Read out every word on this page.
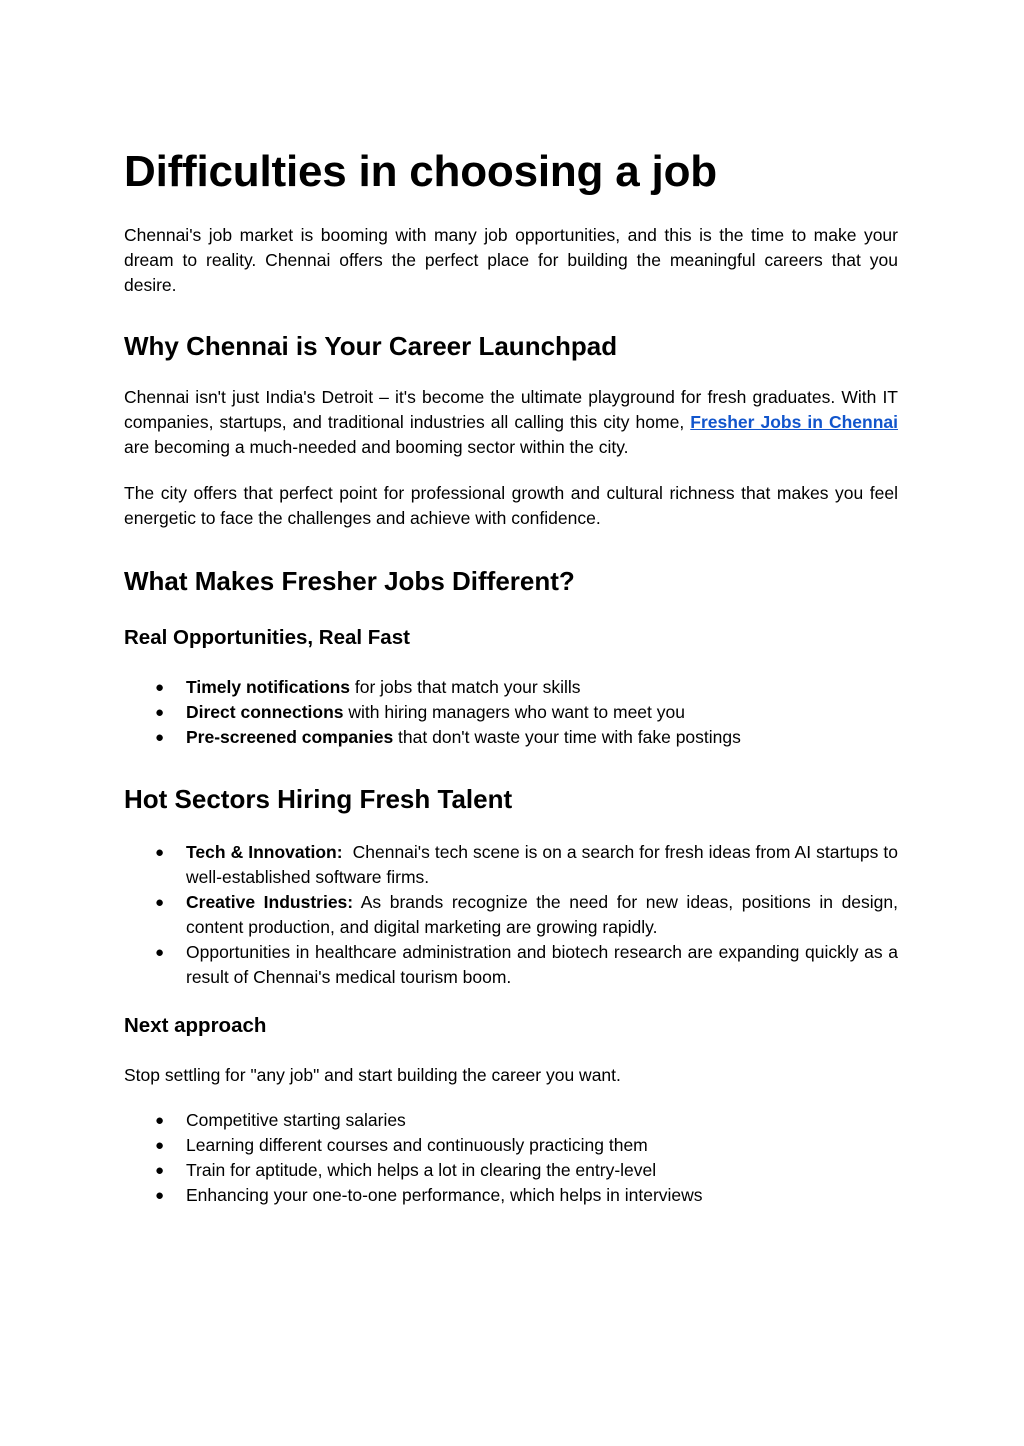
Difficulties in choosing a job

Chennai's job market is booming with many job opportunities, and this is the time to make your dream to reality. Chennai offers the perfect place for building the meaningful careers that you desire.

Why Chennai is Your Career Launchpad

Chennai isn't just India's Detroit – it's become the ultimate playground for fresh graduates. With IT companies, startups, and traditional industries all calling this city home, Fresher Jobs in Chennai are becoming a much-needed and booming sector within the city.

The city offers that perfect point for professional growth and cultural richness that makes you feel energetic to face the challenges and achieve with confidence.

What Makes Fresher Jobs Different?
Real Opportunities, Real Fast
● Timely notifications for jobs that match your skills
● Direct connections with hiring managers who want to meet you
● Pre-screened companies that don't waste your time with fake postings
Hot Sectors Hiring Fresh Talent
● Tech & Innovation:  Chennai's tech scene is on a search for fresh ideas from AI startups to well-established software firms.
● Creative Industries: As brands recognize the need for new ideas, positions in design, content production, and digital marketing are growing rapidly.
● Opportunities in healthcare administration and biotech research are expanding quickly as a result of Chennai's medical tourism boom.
Next approach

Stop settling for "any job" and start building the career you want.

● Competitive starting salaries
● Learning different courses and continuously practicing them
● Train for aptitude, which helps a lot in clearing the entry-level
● Enhancing your one-to-one performance, which helps in interviews
